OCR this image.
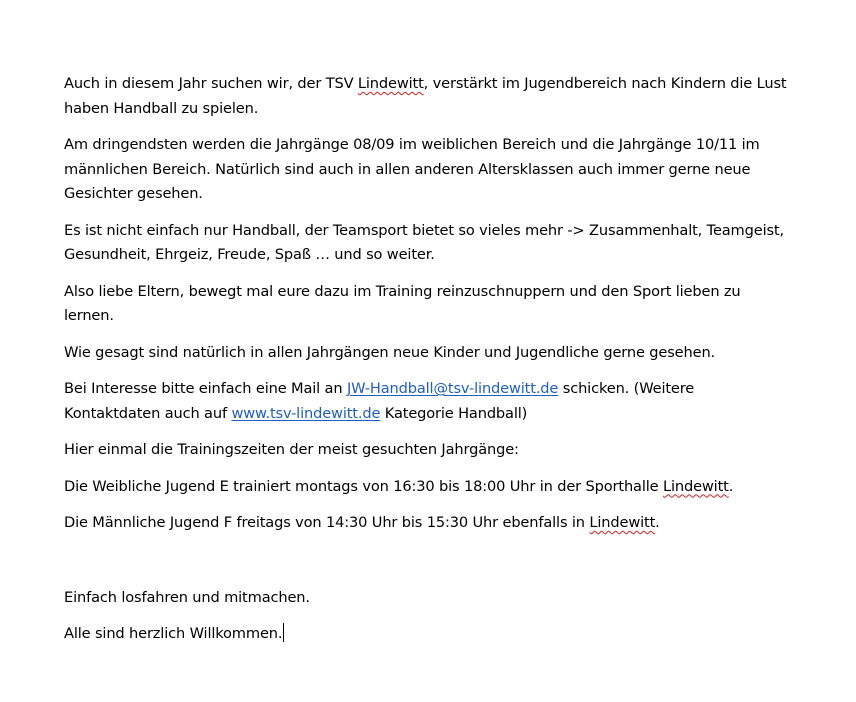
Auch in diesem Jahr suchen wir, der TSV Lindewitt, verstärkt im Jugendbereich nach Kindern die Lust
haben Handball zu spielen.

Am dringendsten werden die Jahrgänge 08/09 im weiblichen Bereich und die Jahrgänge 10/11 im
männlichen Bereich. Natürlich sind auch in allen anderen Altersklassen auch immer gerne neue
Gesichter gesehen.

Es ist nicht einfach nur Handball, der Teamsport bietet so vieles mehr -> Zusammenhalt, Teamgeist,
Gesundheit, Ehrgeiz, Freude, Spaß … und so weiter.

Also liebe Eltern, bewegt mal eure dazu im Training reinzuschnuppern und den Sport lieben zu
lernen.

Wie gesagt sind natürlich in allen Jahrgängen neue Kinder und Jugendliche gerne gesehen.

Bei Interesse bitte einfach eine Mail an JW-Handball@tsv-lindewitt.de schicken. (Weitere
Kontaktdaten auch auf www.tsv-lindewitt.de Kategorie Handball)

Hier einmal die Trainingszeiten der meist gesuchten Jahrgänge:

Die Weibliche Jugend E trainiert montags von 16:30 bis 18:00 Uhr in der Sporthalle Lindewitt.

Die Männliche Jugend F freitags von 14:30 Uhr bis 15:30 Uhr ebenfalls in Lindewitt.

Einfach losfahren und mitmachen.

Alle sind herzlich Willkommen.
